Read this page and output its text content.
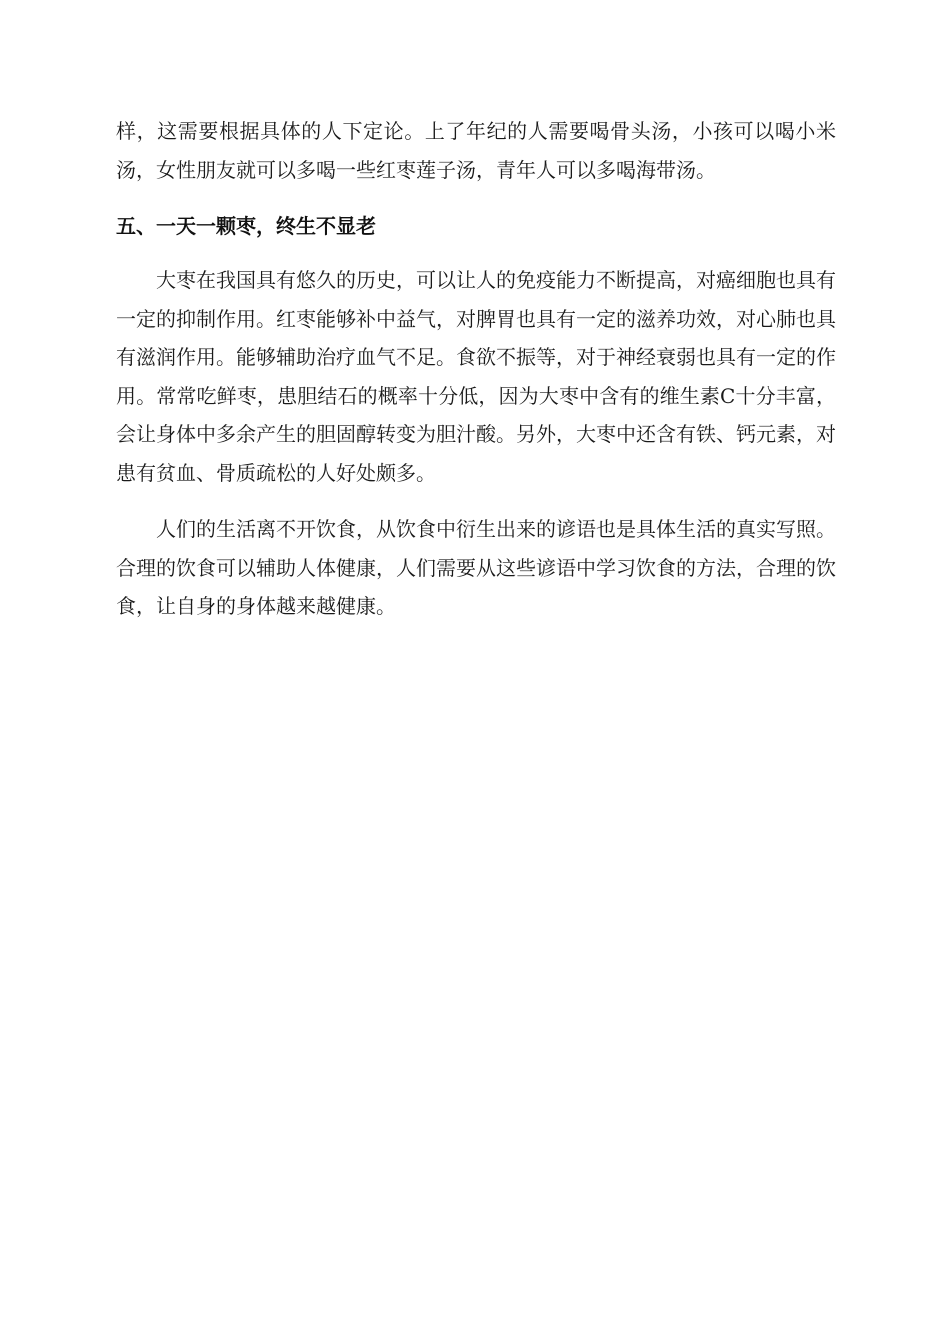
样，这需要根据具体的人下定论。上了年纪的人需要喝骨头汤，小孩可以喝小米汤，女性朋友就可以多喝一些红枣莲子汤，青年人可以多喝海带汤。

五、一天一颗枣，终生不显老

大枣在我国具有悠久的历史，可以让人的免疫能力不断提高，对癌细胞也具有一定的抑制作用。红枣能够补中益气，对脾胃也具有一定的滋养功效，对心肺也具有滋润作用。能够辅助治疗血气不足。食欲不振等，对于神经衰弱也具有一定的作用。常常吃鲜枣，患胆结石的概率十分低，因为大枣中含有的维生素C十分丰富，会让身体中多余产生的胆固醇转变为胆汁酸。另外，大枣中还含有铁、钙元素，对患有贫血、骨质疏松的人好处颇多。

人们的生活离不开饮食，从饮食中衍生出来的谚语也是具体生活的真实写照。合理的饮食可以辅助人体健康，人们需要从这些谚语中学习饮食的方法，合理的饮食，让自身的身体越来越健康。
